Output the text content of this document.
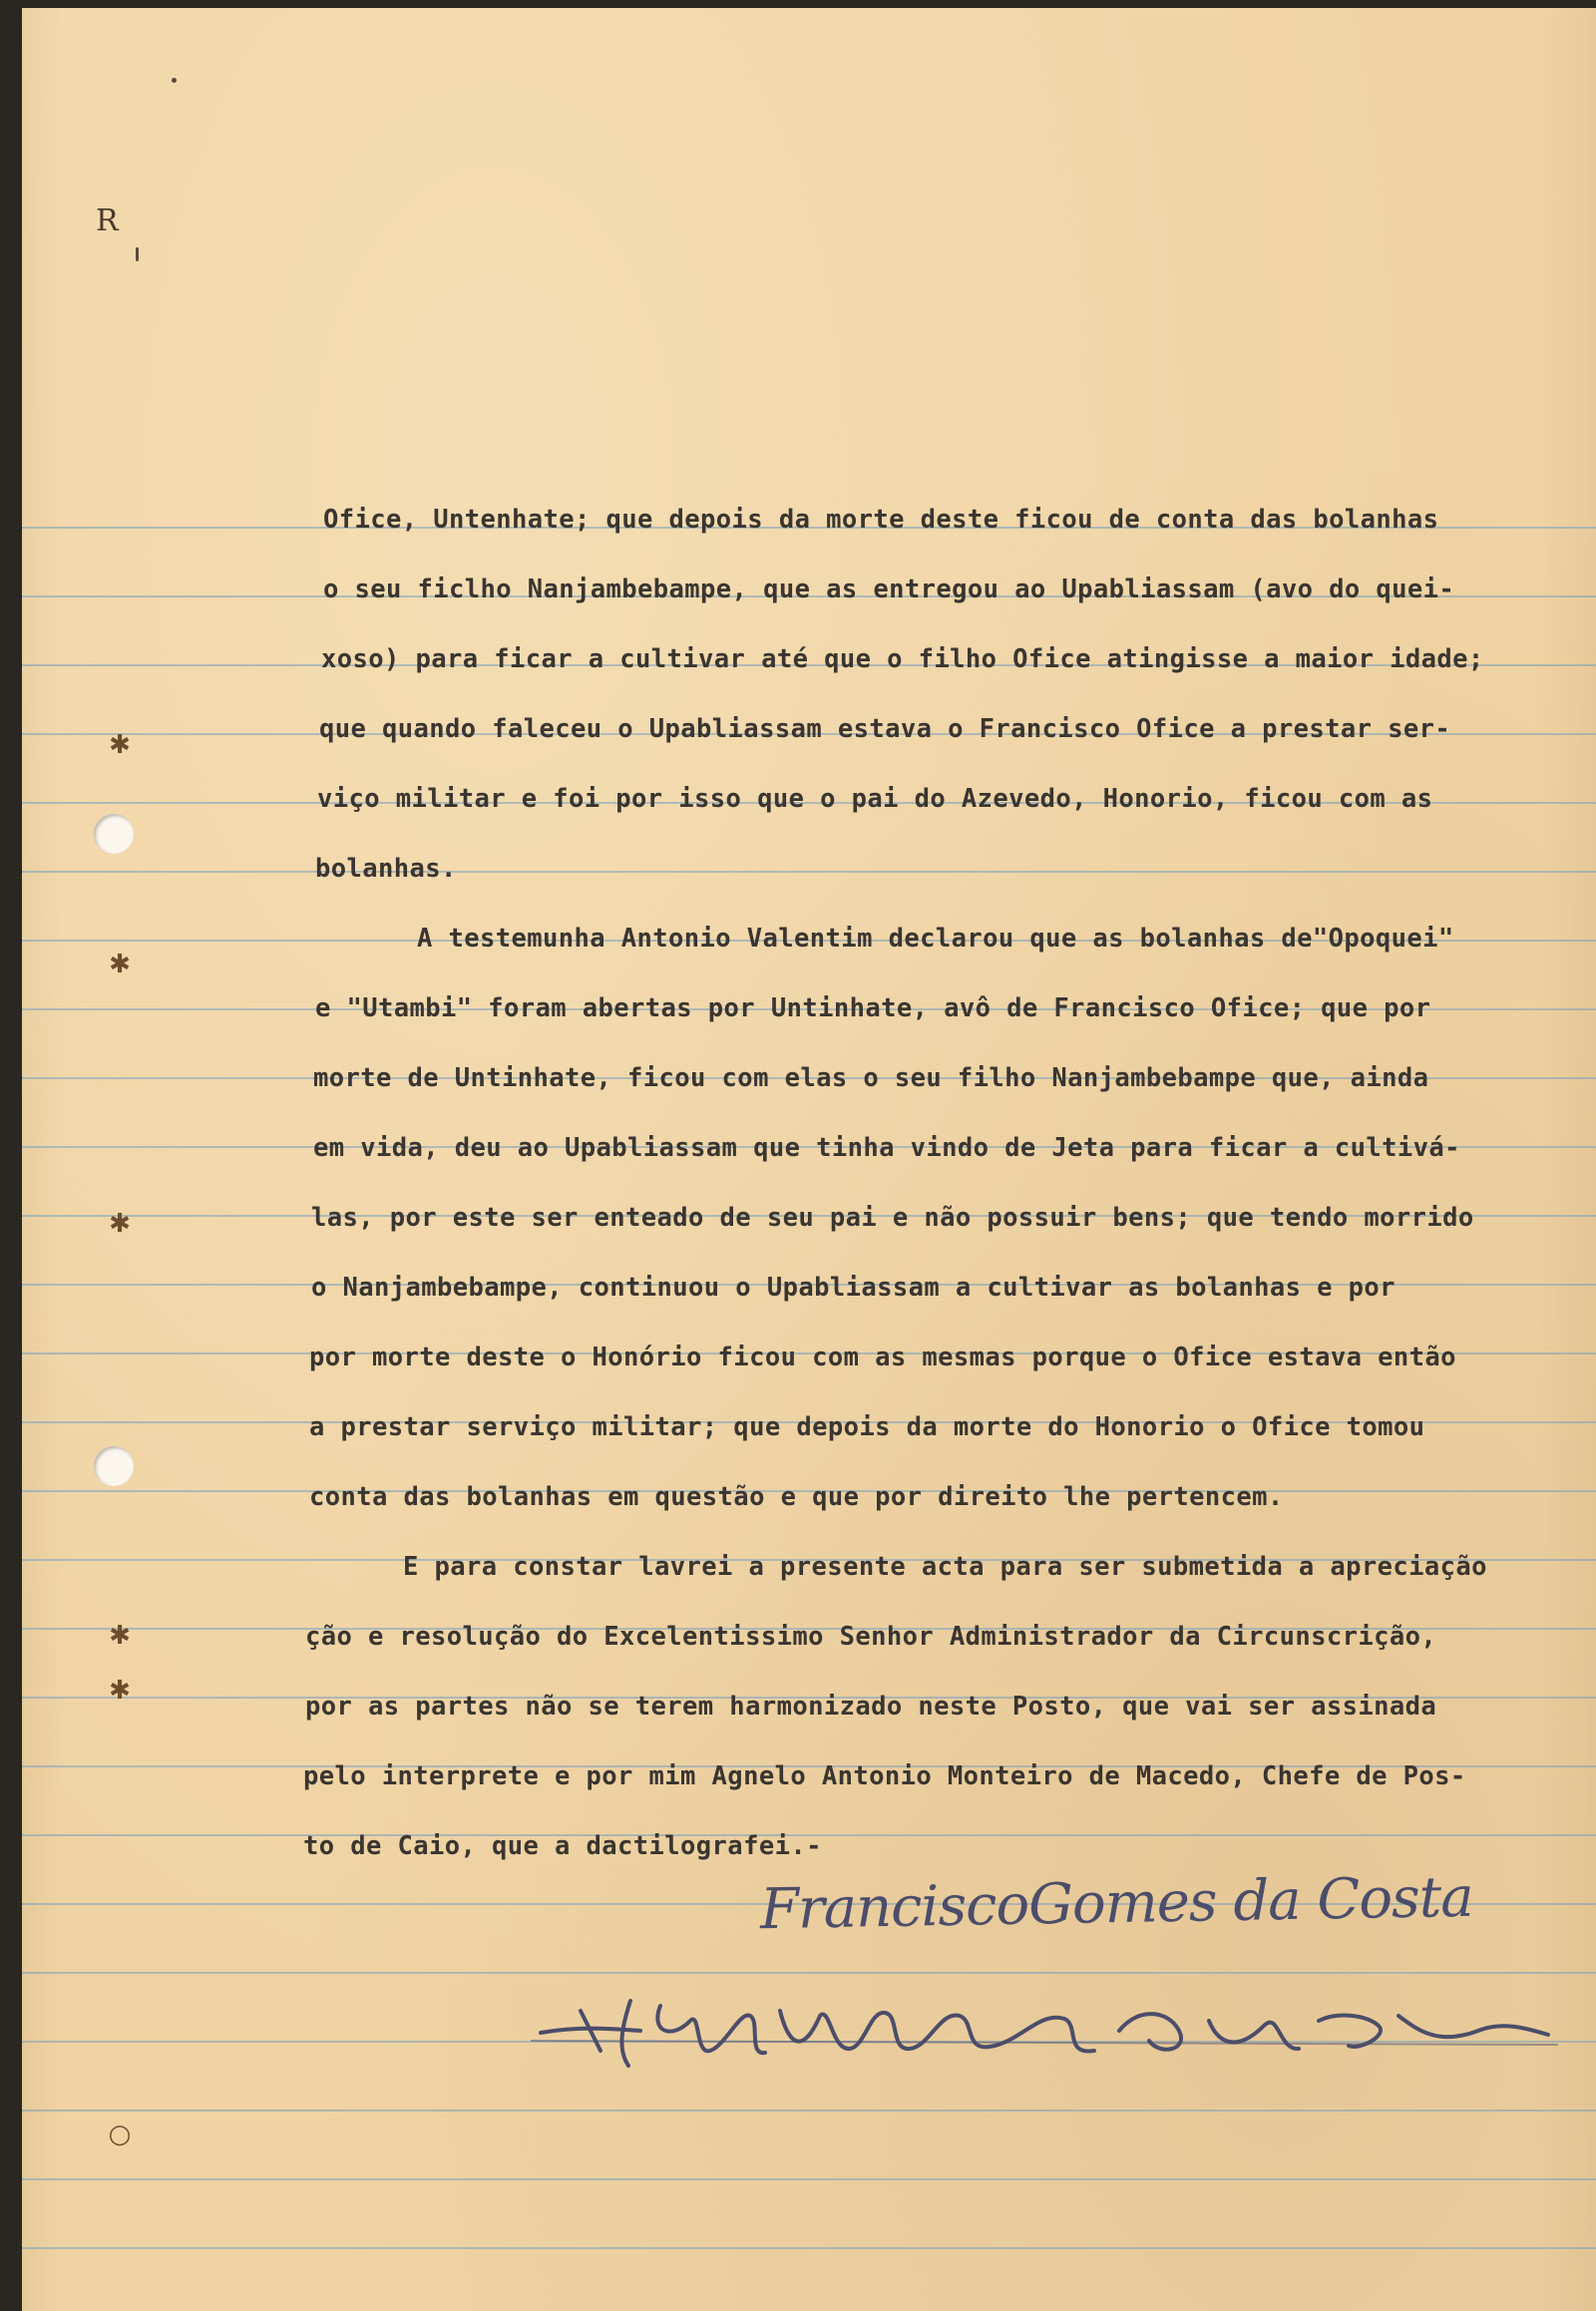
R
✱
✱
✱
✱
✱
○
Ofice, Untenhate; que depois da morte deste ficou de conta das bolanhas
o seu ficlho Nanjambebampe, que as entregou ao Upabliassam (avo do quei-
xoso) para ficar a cultivar até que o filho Ofice atingisse a maior idade;
que quando faleceu o Upabliassam estava o Francisco Ofice a prestar ser-
viço militar e foi por isso que o pai do Azevedo, Honorio, ficou com as
bolanhas.
A testemunha Antonio Valentim declarou que as bolanhas de"Opoquei"
e "Utambi" foram abertas por Untinhate, avô de Francisco Ofice; que por
morte de Untinhate, ficou com elas o seu filho Nanjambebampe que, ainda
em vida, deu ao Upabliassam que tinha vindo de Jeta para ficar a cultivá-
las, por este ser enteado de seu pai e não possuir bens; que tendo morrido
o Nanjambebampe, continuou o Upabliassam a cultivar as bolanhas e por
por morte deste o Honório ficou com as mesmas porque o Ofice estava então
a prestar serviço militar; que depois da morte do Honorio o Ofice tomou
conta das bolanhas em questão e que por direito lhe pertencem.
E para constar lavrei a presente acta para ser submetida a apreciação
ção e resolução do Excelentissimo Senhor Administrador da Circunscrição,
por as partes não se terem harmonizado neste Posto, que vai ser assinada
pelo interprete e por mim Agnelo Antonio Monteiro de Macedo, Chefe de Pos-
to de Caio, que a dactilografei.-
FranciscoGomes da Costa
